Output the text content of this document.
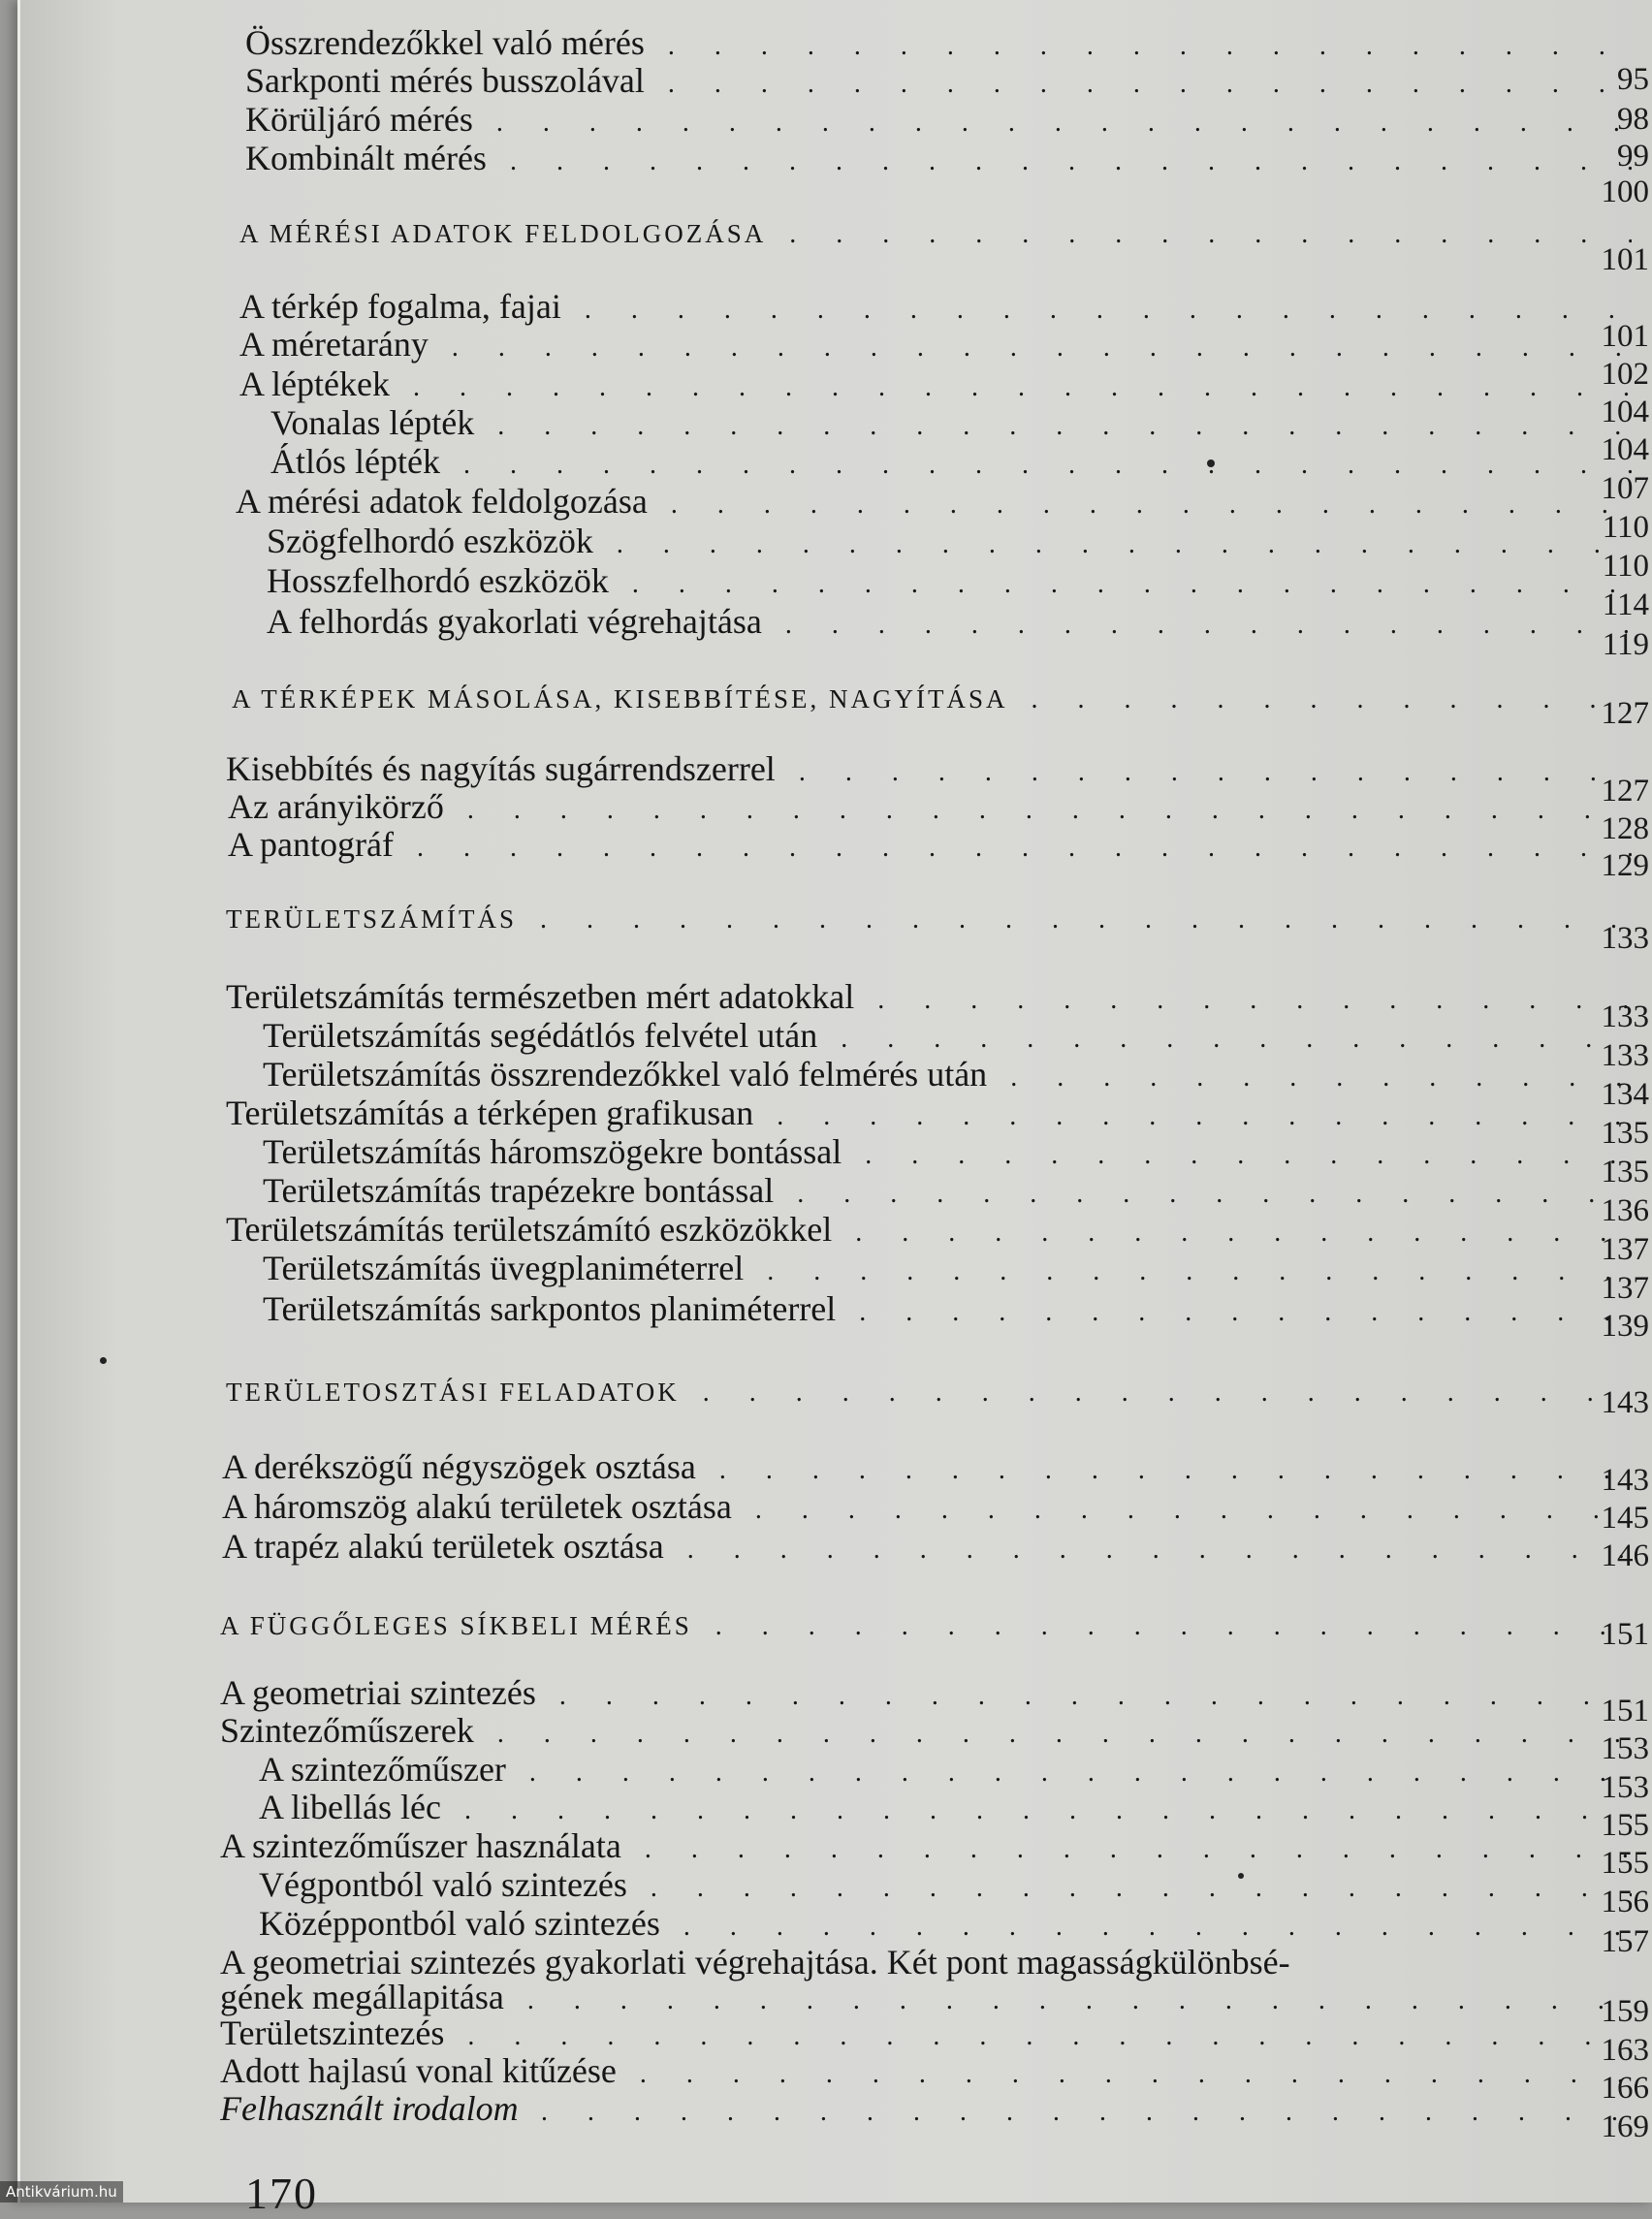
Összrendezőkkel való mérés . . .
Sarkponti mérés busszolával . . .
Körüljáró mérés . . .
Kombinált mérés . . .
A MÉRÉSI ADATOK FELDOLGOZÁSA . . .
A térkép fogalma, fajai . . .
A méretarány . . .
A léptékek . . .
Vonalas lépték . . .
Átlós lépték . . .
A mérési adatok feldolgozása . . .
Szögfelhordó eszközök . . .
Hosszfelhordó eszközök . . .
A felhordás gyakorlati végrehajtása . . .
A TÉRKÉPEK MÁSOLÁSA, KISEBBÍTÉSE, NAGYÍTÁSA . . .
Kisebbítés és nagyítás sugárrendszerrel . . .
Az arányikörző . . .
A pantográf . . .
TERÜLETSZÁMÍTÁS . . .
Területszámítás természetben mért adatokkal . . .
Területszámítás segédátlós felvétel után . . .
Területszámítás összrendezőkkel való felmérés után . . .
Területszámítás a térképen grafikusan . . .
Területszámítás háromszögekre bontással . . .
Területszámítás trapézekre bontással . . .
Területszámítás területszámító eszközökkel . . .
Területszámítás üvegplaniméterrel . . .
Területszámítás sarkpontos planiméterrel . . .
TERÜLETOSZTÁSI FELADATOK . . .
A derékszögű négyszögek osztása . . .
A háromszög alakú területek osztása . . .
A trapéz alakú területek osztása . . .
A FÜGGŐLEGES SÍKBELI MÉRÉS . . .
A geometriai szintezés . . .
Szintezőműszerek . . .
A szintezőműszer . . .
A libellás léc . . .
A szintezőműszer használata . . .
Végpontból való szintezés . . .
Középpontból való szintezés . . .
A geometriai szintezés gyakorlati végrehajtása. Két pont magasságkülönbsé-
gének megállapitása . . .
Területszintezés . . .
Adott hajlasú vonal kitűzése . . .
Felhasznált irodalom . . .
95
98
99
100
101
101
102
104
104
107
110
110
114
119
127
127
128
129
133
133
133
134
135
135
136
137
137
139
143
143
145
146
151
151
153
153
155
155
156
157
159
163
166
169
170
Antikvárium.hu
